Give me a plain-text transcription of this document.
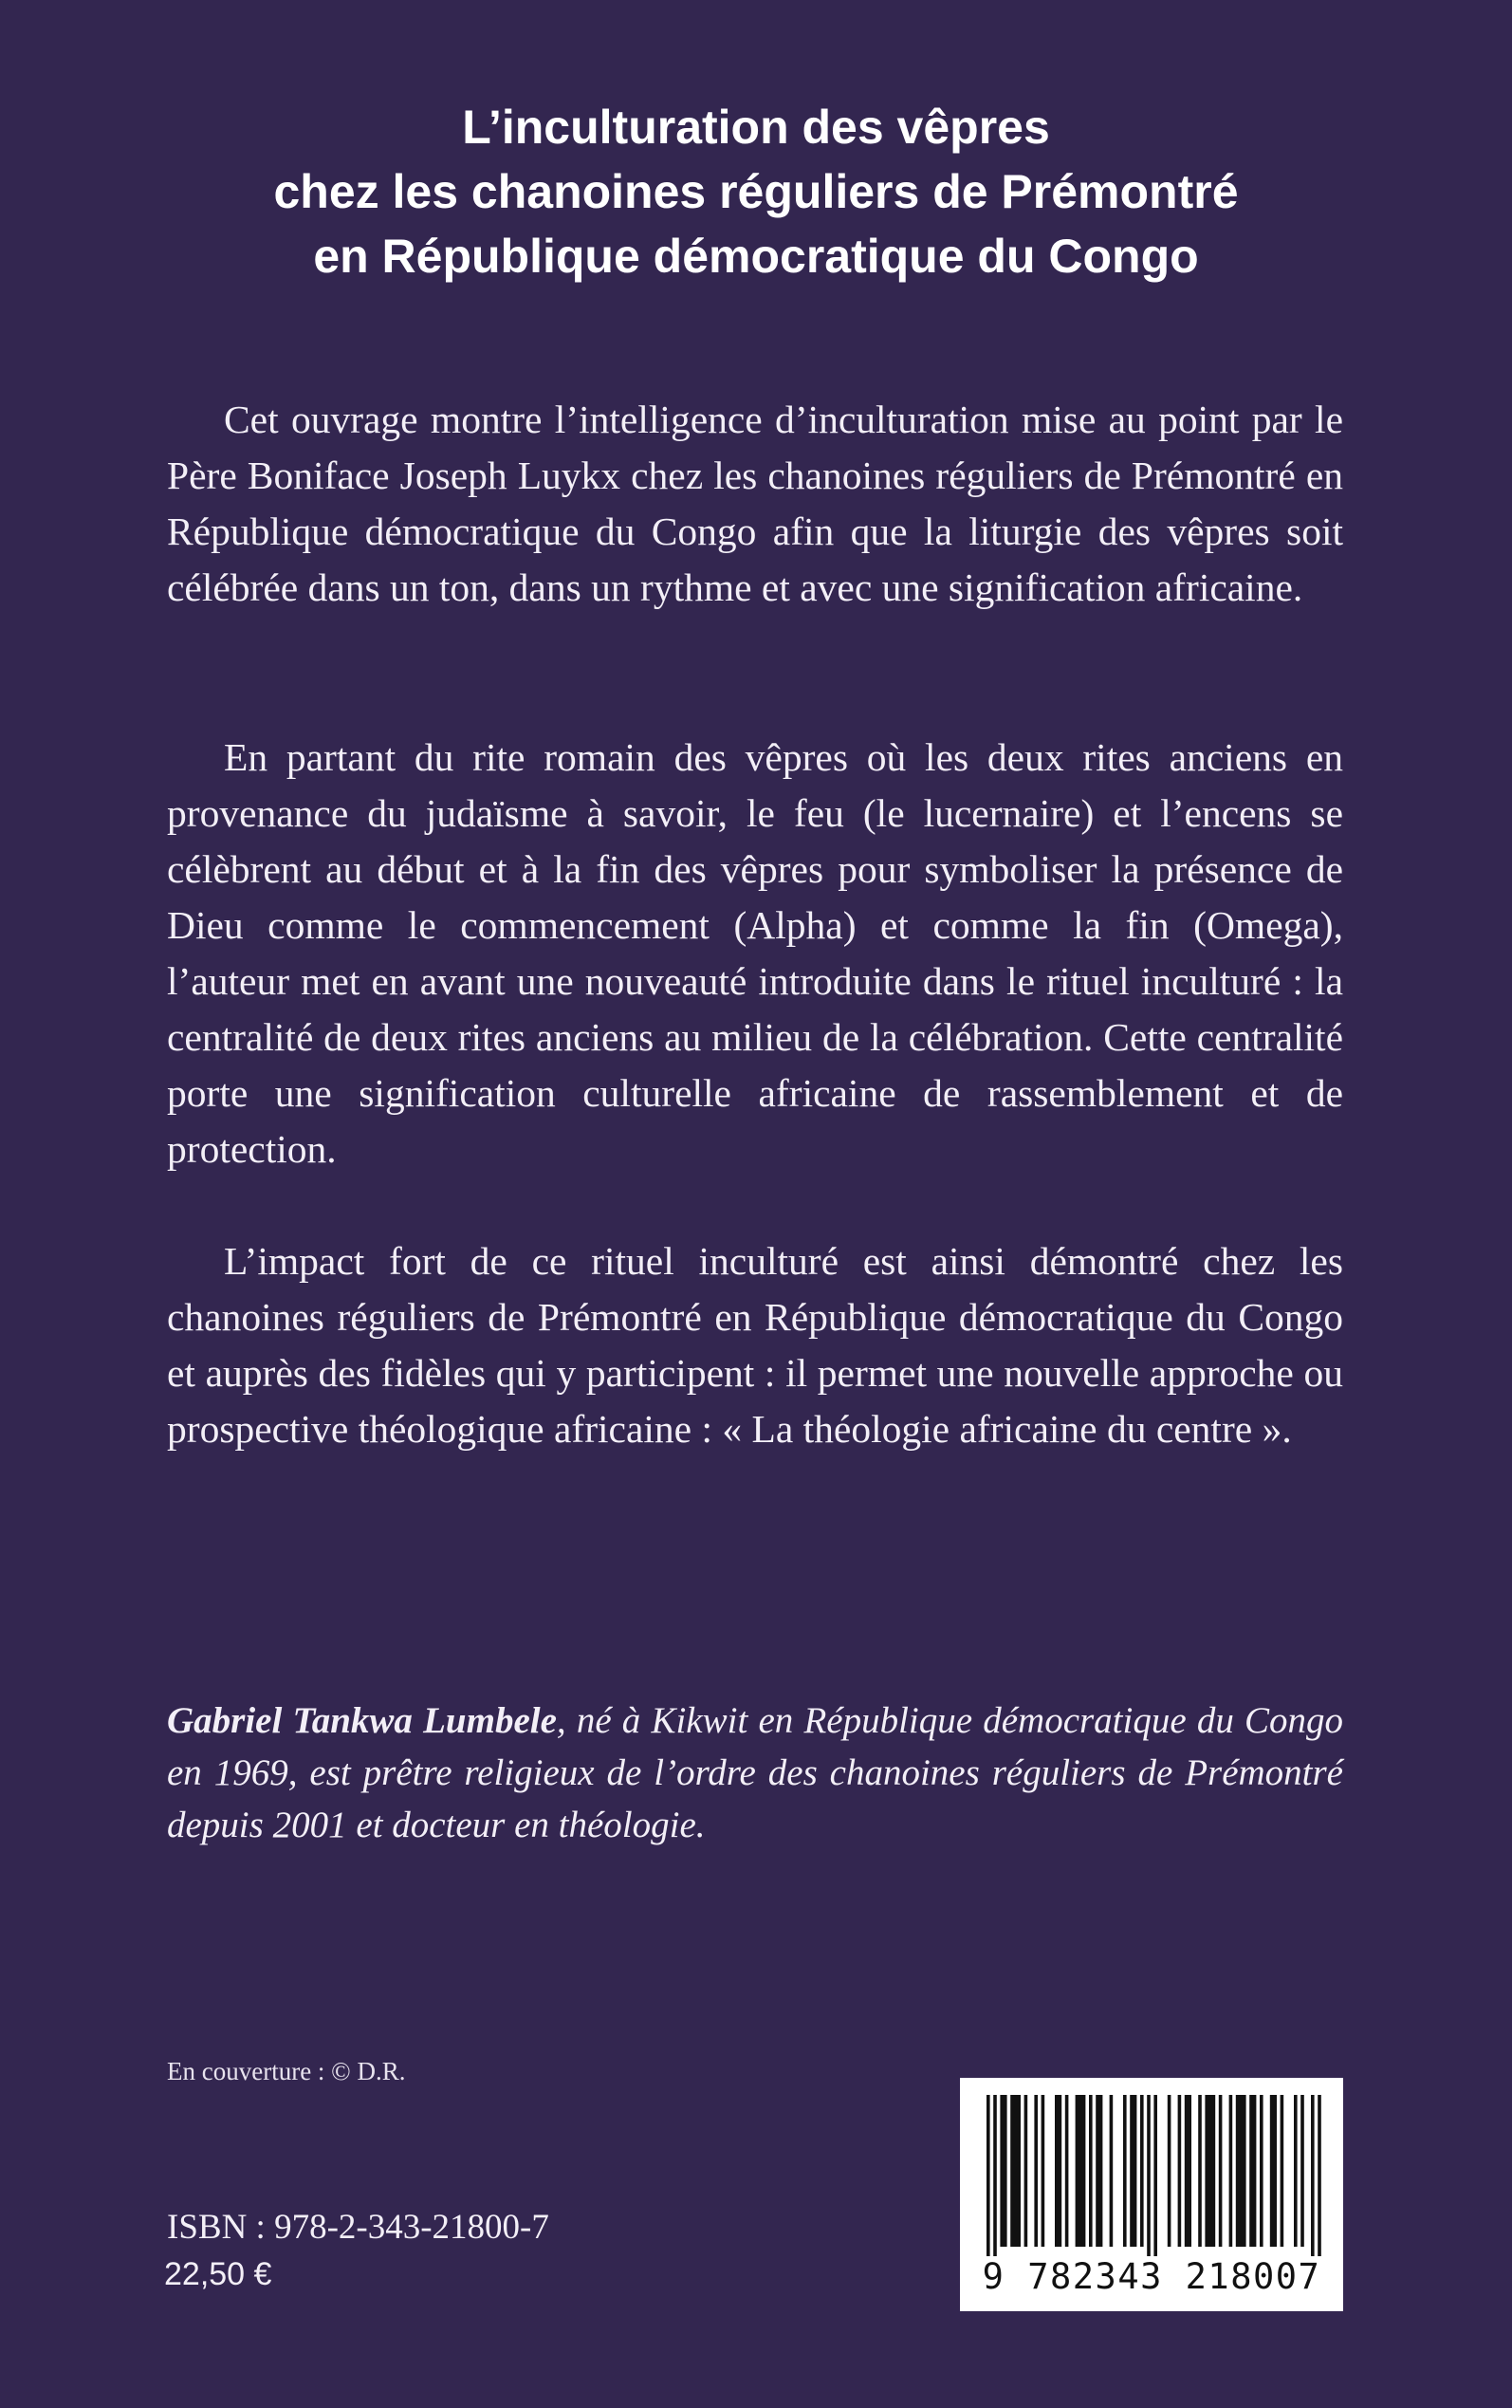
L’inculturation des vêpres
chez les chanoines réguliers de Prémontré
en République démocratique du Congo

Cet ouvrage montre l’intelligence d’inculturation mise au point par le Père Boniface Joseph Luykx chez les chanoines réguliers de Prémontré en République démocratique du Congo afin que la liturgie des vêpres soit célébrée dans un ton, dans un rythme et avec une signification africaine.

En partant du rite romain des vêpres où les deux rites anciens en provenance du judaïsme à savoir, le feu (le lucernaire) et l’encens se célèbrent au début et à la fin des vêpres pour symboliser la présence de Dieu comme le commencement (Alpha) et comme la fin (Omega), l’auteur met en avant une nouveauté introduite dans le rituel inculturé : la centralité de deux rites anciens au milieu de la célébration. Cette centralité porte une signification culturelle africaine de rassemblement et de protection.

L’impact fort de ce rituel inculturé est ainsi démontré chez les chanoines réguliers de Prémontré en République démocratique du Congo et auprès des fidèles qui y participent : il permet une nouvelle approche ou prospective théologique africaine : « La théologie africaine du centre ».

Gabriel Tankwa Lumbele, né à Kikwit en République démocratique du Congo en 1969, est prêtre religieux de l’ordre des chanoines réguliers de Prémontré depuis 2001 et docteur en théologie.

En couverture : © D.R.
ISBN : 978-2-343-21800-7
22,50 €	9 782343 218007
